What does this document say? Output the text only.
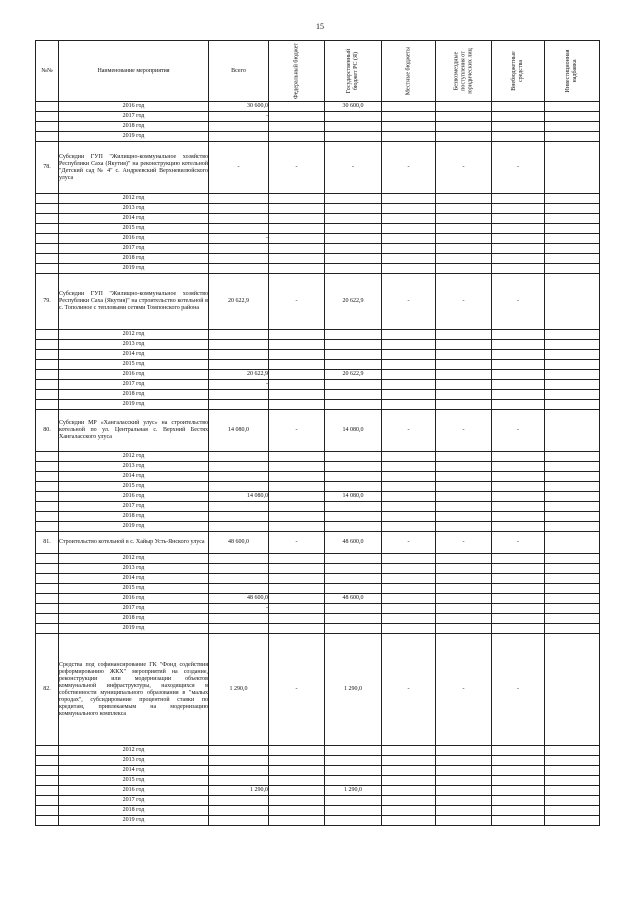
15
№№	Наименование мероприятия	Всего	Федеральный бюджет	Государственный бюджет РС (Я)	Местные бюджеты	Безвозмездные поступления от юридических лиц	Внебюджетные средства	Инвестиционная надбавка

	2016 год	30 600,0		30 600,0				
	2017 год	-						
	2018 год							
	2019 год							
78.	Субсидии ГУП "Жилищно-коммунальное хозяйство Республики Саха (Якутия)" на реконструкцию котельной "Детский сад № 4" с. Андреевский Верхневилюйского улуса	-	-	-	-	-	-	
	2012 год							
	2013 год							
	2014 год							
	2015 год							
	2016 год	-						
	2017 год							
	2018 год							
	2019 год							
79.	Субсидии ГУП "Жилищно-коммунальное хозяйство Республики Саха (Якутия)" на строительство котельной в с. Тополиное с тепловыми сетями Томпонского района	20 622,9	-	20 622,9	-	-	-	
	2012 год							
	2013 год							
	2014 год							
	2015 год							
	2016 год	20 622,9		20 622,9				
	2017 год	-						
	2018 год							
	2019 год							
80.	Субсидии МР «Хангаласский улус» на строительство котельной по ул. Центральная с. Верхний Бестях Хангаласского улуса	14 080,0	-	14 080,0	-	-	-	
	2012 год							
	2013 год							
	2014 год							
	2015 год							
	2016 год	14 080,0		14 080,0				
	2017 год							
	2018 год							
	2019 год							
81.	Строительство котельной в с. Хайыр Усть-Янского улуса	48 600,0	-	48 600,0	-	-	-	
	2012 год							
	2013 год							
	2014 год							
	2015 год							
	2016 год	48 600,0		48 600,0				
	2017 год	-						
	2018 год							
	2019 год							
82.	Средства под софинансирование ГК "Фонд содействия реформированию ЖКХ" мероприятий на создание, реконструкции или модернизации объектов коммунальной инфраструктуры, находящихся в собственности муниципального образования в "малых городах", субсидирование процентной ставки по кредитам, привлекаемым на модернизацию коммунального комплекса	1 290,0	-	1 290,0	-	-	-	
	2012 год							
	2013 год							
	2014 год							
	2015 год							
	2016 год	1 290,0		1 290,0				
	2017 год							
	2018 год							
	2019 год							
